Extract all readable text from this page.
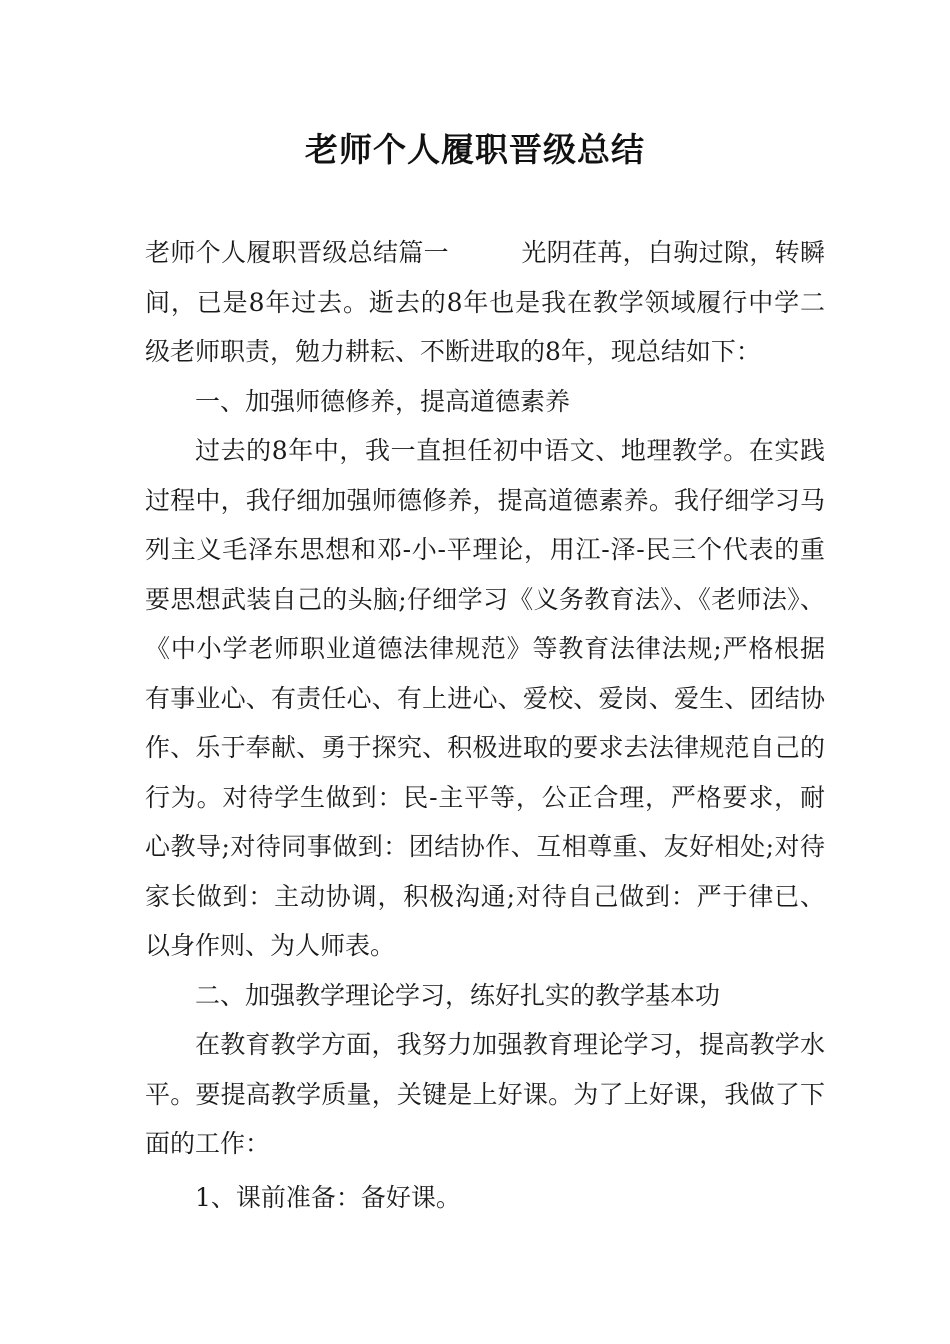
老师个人履职晋级总结

老师个人履职晋级总结篇一	光阴荏苒，白驹过隙，转瞬间，已是8年过去。逝去的8年也是我在教学领域履行中学二级老师职责，勉力耕耘、不断进取的8年，现总结如下：

一、加强师德修养，提高道德素养

过去的8年中，我一直担任初中语文、地理教学。在实践过程中，我仔细加强师德修养，提高道德素养。我仔细学习马列主义毛泽东思想和邓-小-平理论，用江-泽-民三个代表的重要思想武装自己的头脑;仔细学习《义务教育法》、《老师法》、《中小学老师职业道德法律规范》等教育法律法规;严格根据有事业心、有责任心、有上进心、爱校、爱岗、爱生、团结协作、乐于奉献、勇于探究、积极进取的要求去法律规范自己的行为。对待学生做到：民-主平等，公正合理，严格要求，耐心教导;对待同事做到：团结协作、互相尊重、友好相处;对待家长做到：主动协调，积极沟通;对待自己做到：严于律已、以身作则、为人师表。

二、加强教学理论学习，练好扎实的教学基本功

在教育教学方面，我努力加强教育理论学习，提高教学水平。要提高教学质量，关键是上好课。为了上好课，我做了下面的工作：

1、课前准备：备好课。
